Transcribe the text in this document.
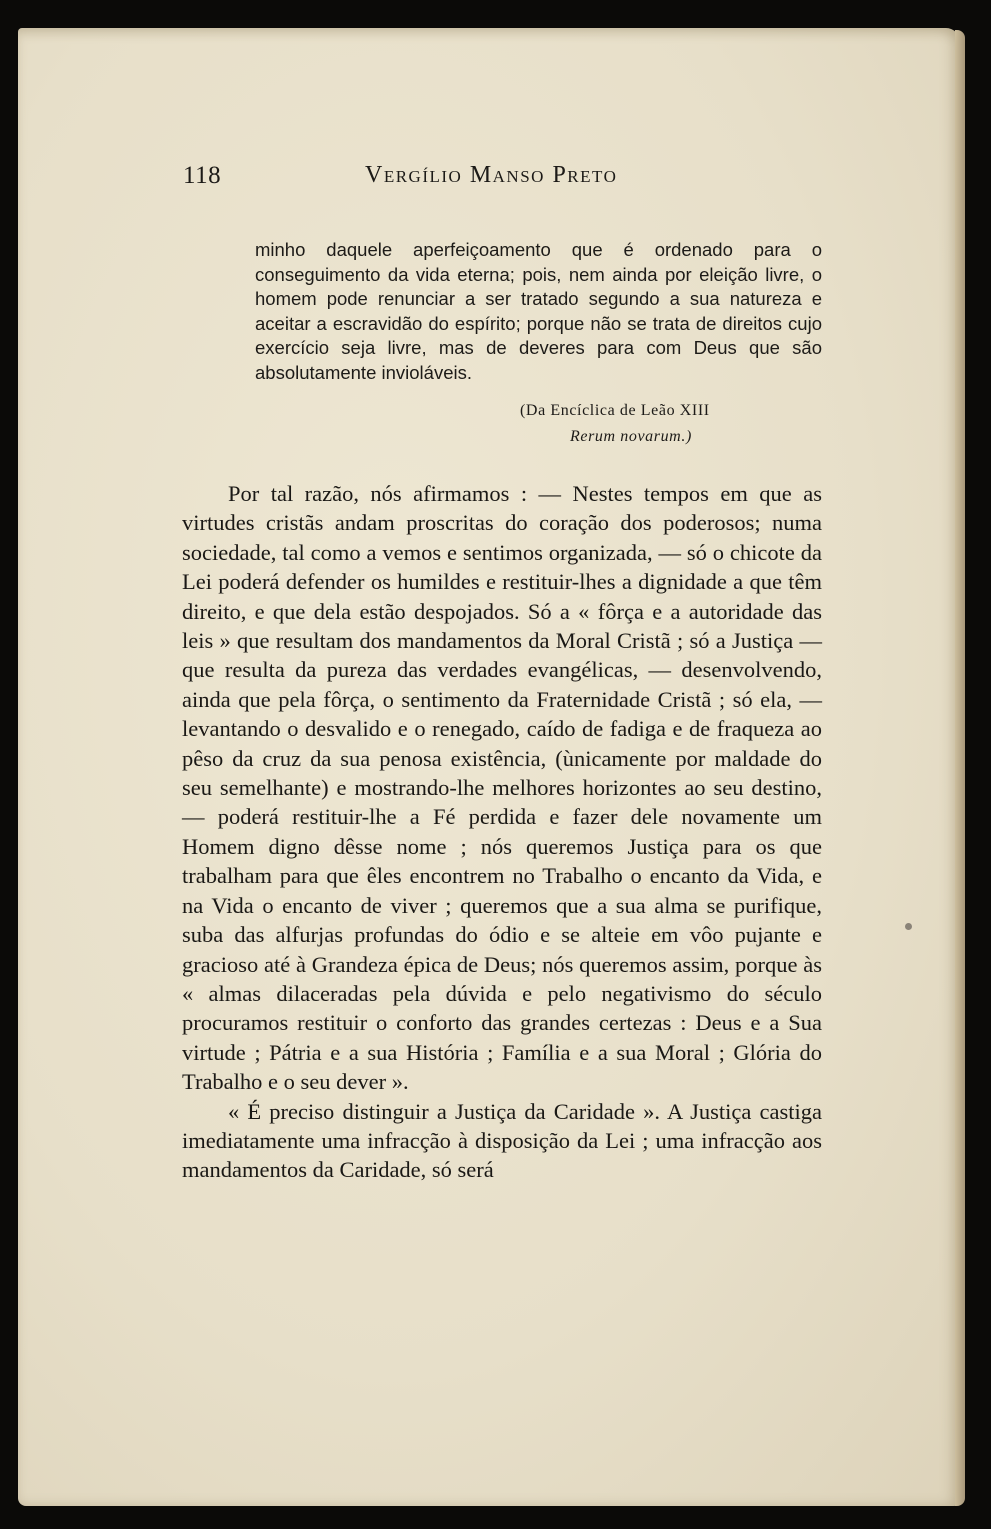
118	Vergílio Manso Preto
minho daquele aperfeiçoamento que é ordenado para o conseguimento da vida eterna; pois, nem ainda por eleição livre, o homem pode renunciar a ser tratado segundo a sua natureza e aceitar a escravidão do espírito; porque não se trata de direitos cujo exercício seja livre, mas de deveres para com Deus que são absolutamente invioláveis.
(Da Encíclica de Leão XIII
Rerum novarum.)

Por tal razão, nós afirmamos : — Nestes tempos em que as virtudes cristãs andam proscritas do coração dos poderosos; numa sociedade, tal como a vemos e sentimos organizada, — só o chicote da Lei poderá defender os humildes e restituir-lhes a dignidade a que têm direito, e que dela estão despojados. Só a « fôrça e a autoridade das leis » que resultam dos mandamentos da Moral Cristã ; só a Justiça — que resulta da pureza das verdades evangélicas, — desenvolvendo, ainda que pela fôrça, o sentimento da Fraternidade Cristã ; só ela, — levantando o desvalido e o renegado, caído de fadiga e de fraqueza ao pêso da cruz da sua penosa existência, (ùnicamente por maldade do seu semelhante) e mostrando-lhe melhores horizontes ao seu destino, — poderá restituir-lhe a Fé perdida e fazer dele novamente um Homem digno dêsse nome ; nós queremos Justiça para os que trabalham para que êles encontrem no Trabalho o encanto da Vida, e na Vida o encanto de viver ; queremos que a sua alma se purifique, suba das alfurjas profundas do ódio e se alteie em vôo pujante e gracioso até à Grandeza épica de Deus; nós queremos assim, porque às « almas dilaceradas pela dúvida e pelo negativismo do século procuramos restituir o conforto das grandes certezas : Deus e a Sua virtude ; Pátria e a sua História ; Família e a sua Moral ; Glória do Trabalho e o seu dever ».

« É preciso distinguir a Justiça da Caridade ». A Justiça castiga imediatamente uma infracção à disposição da Lei ; uma infracção aos mandamentos da Caridade, só será
